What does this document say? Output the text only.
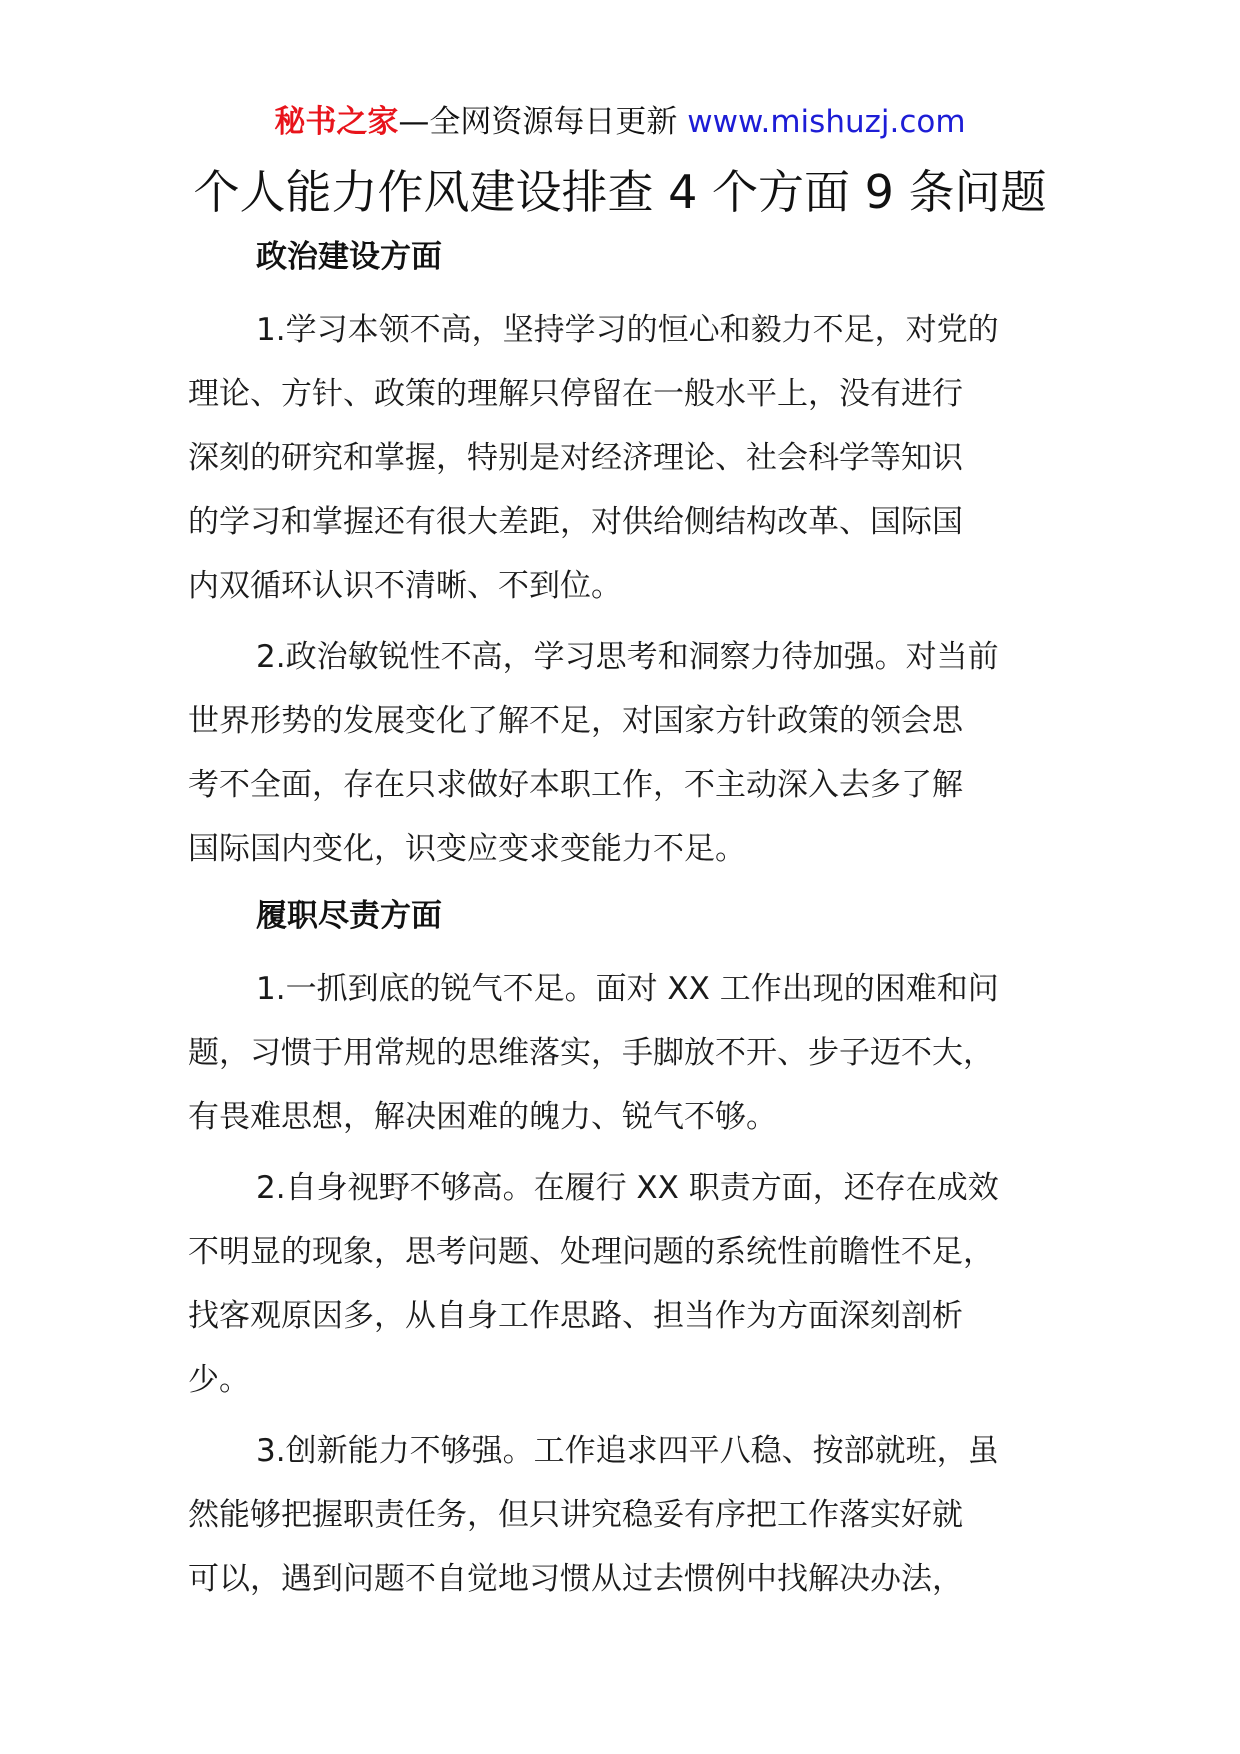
秘书之家—全网资源每日更新 www.mishuzj.com
个人能力作风建设排查 4 个方面 9 条问题
政治建设方面
1.学习本领不高，坚持学习的恒心和毅力不足，对党的
理论、方针、政策的理解只停留在一般水平上，没有进行
深刻的研究和掌握，特别是对经济理论、社会科学等知识
的学习和掌握还有很大差距，对供给侧结构改革、国际国
内双循环认识不清晰、不到位。
2.政治敏锐性不高，学习思考和洞察力待加强。对当前
世界形势的发展变化了解不足，对国家方针政策的领会思
考不全面，存在只求做好本职工作，不主动深入去多了解
国际国内变化，识变应变求变能力不足。
履职尽责方面
1.一抓到底的锐气不足。面对 XX 工作出现的困难和问
题，习惯于用常规的思维落实，手脚放不开、步子迈不大，
有畏难思想，解决困难的魄力、锐气不够。
2.自身视野不够高。在履行 XX 职责方面，还存在成效
不明显的现象，思考问题、处理问题的系统性前瞻性不足，
找客观原因多，从自身工作思路、担当作为方面深刻剖析
少。
3.创新能力不够强。工作追求四平八稳、按部就班，虽
然能够把握职责任务，但只讲究稳妥有序把工作落实好就
可以，遇到问题不自觉地习惯从过去惯例中找解决办法，
